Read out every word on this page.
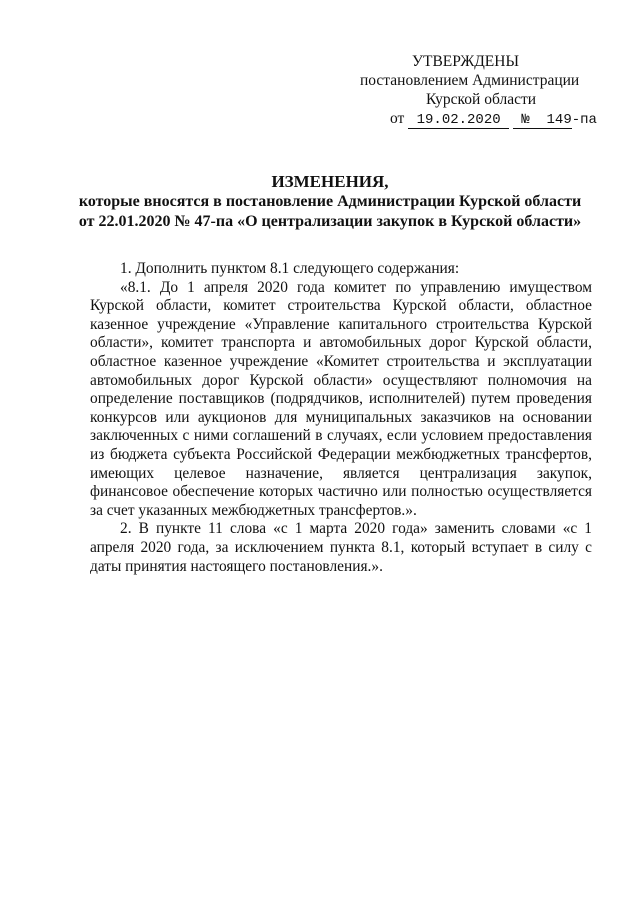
УТВЕРЖДЕНЫ
постановлением Администрации
Курской области
от 19.02.2020 № 149-па
ИЗМЕНЕНИЯ,
которые вносятся в постановление Администрации Курской области
от 22.01.2020 № 47-па «О централизации закупок в Курской области»

1. Дополнить пунктом 8.1 следующего содержания:

«8.1. До 1 апреля 2020 года комитет по управлению имуществом Курской области, комитет строительства Курской области, областное казенное учреждение «Управление капитального строительства Курской области», комитет транспорта и автомобильных дорог Курской области, областное казенное учреждение «Комитет строительства и эксплуатации автомобильных дорог Курской области» осуществляют полномочия на определение поставщиков (подрядчиков, исполнителей) путем проведения конкурсов или аукционов для муниципальных заказчиков на основании заключенных с ними соглашений в случаях, если условием предоставления из бюджета субъекта Российской Федерации межбюджетных трансфертов, имеющих целевое назначение, является централизация закупок, финансовое обеспечение которых частично или полностью осуществляется за счет указанных межбюджетных трансфертов.».

2. В пункте 11 слова «с 1 марта 2020 года» заменить словами «с 1 апреля 2020 года, за исключением пункта 8.1, который вступает в силу с даты принятия настоящего постановления.».
